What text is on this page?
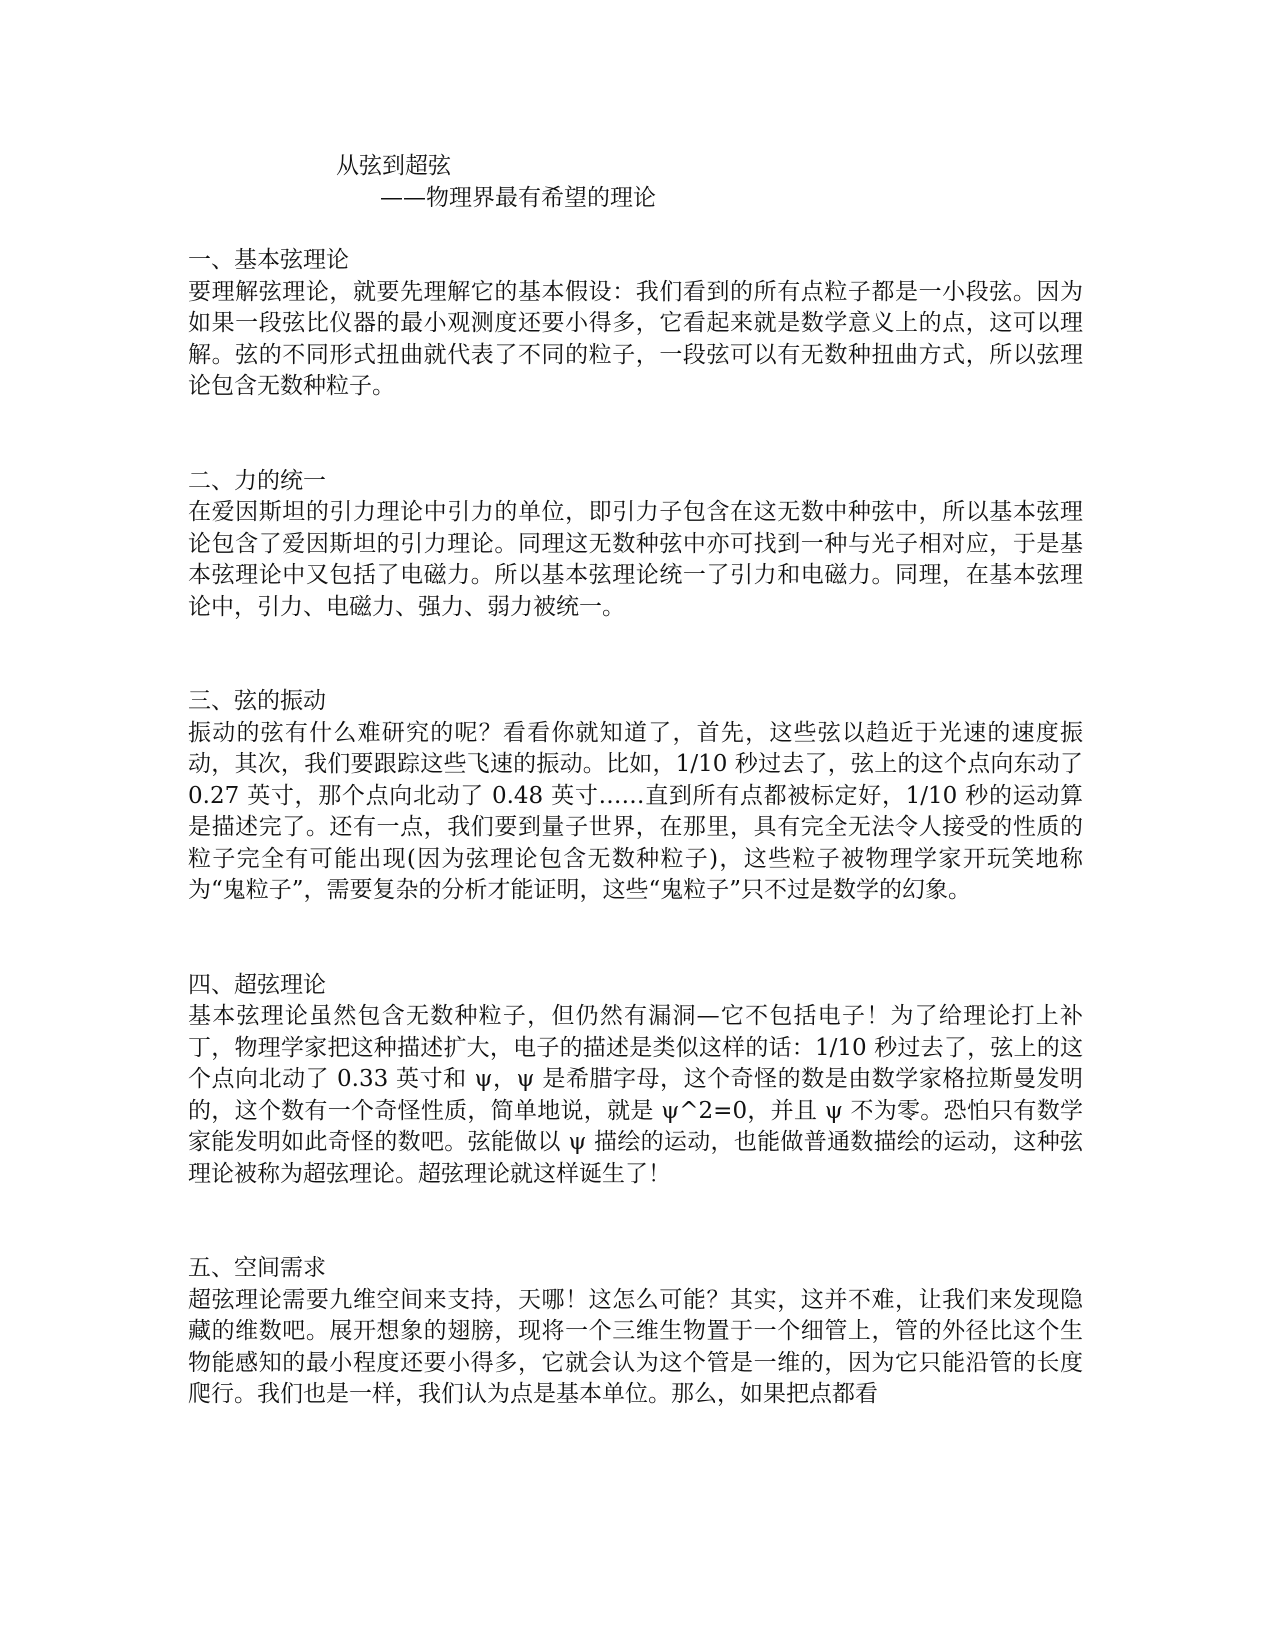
从弦到超弦
——物理界最有希望的理论

一、基本弦理论

要理解弦理论，就要先理解它的基本假设：我们看到的所有点粒子都是一小段弦。因为如果一段弦比仪器的最小观测度还要小得多，它看起来就是数学意义上的点，这可以理解。弦的不同形式扭曲就代表了不同的粒子，一段弦可以有无数种扭曲方式，所以弦理论包含无数种粒子。

二、力的统一

在爱因斯坦的引力理论中引力的单位，即引力子包含在这无数中种弦中，所以基本弦理论包含了爱因斯坦的引力理论。同理这无数种弦中亦可找到一种与光子相对应，于是基本弦理论中又包括了电磁力。所以基本弦理论统一了引力和电磁力。同理，在基本弦理论中，引力、电磁力、强力、弱力被统一。

三、弦的振动

振动的弦有什么难研究的呢？看看你就知道了，首先，这些弦以趋近于光速的速度振动，其次，我们要跟踪这些飞速的振动。比如，1/10 秒过去了，弦上的这个点向东动了 0.27 英寸，那个点向北动了 0.48 英寸……直到所有点都被标定好，1/10 秒的运动算是描述完了。还有一点，我们要到量子世界，在那里，具有完全无法令人接受的性质的粒子完全有可能出现(因为弦理论包含无数种粒子)，这些粒子被物理学家开玩笑地称为“鬼粒子”，需要复杂的分析才能证明，这些“鬼粒子”只不过是数学的幻象。

四、超弦理论

基本弦理论虽然包含无数种粒子，但仍然有漏洞—它不包括电子！为了给理论打上补丁，物理学家把这种描述扩大，电子的描述是类似这样的话：1/10 秒过去了，弦上的这个点向北动了 0.33 英寸和 ψ，ψ 是希腊字母，这个奇怪的数是由数学家格拉斯曼发明的，这个数有一个奇怪性质，简单地说，就是 ψ^2=0，并且 ψ 不为零。恐怕只有数学家能发明如此奇怪的数吧。弦能做以 ψ 描绘的运动，也能做普通数描绘的运动，这种弦理论被称为超弦理论。超弦理论就这样诞生了！

五、空间需求

超弦理论需要九维空间来支持，天哪！这怎么可能？其实，这并不难，让我们来发现隐藏的维数吧。展开想象的翅膀，现将一个三维生物置于一个细管上，管的外径比这个生物能感知的最小程度还要小得多，它就会认为这个管是一维的，因为它只能沿管的长度爬行。我们也是一样，我们认为点是基本单位。那么，如果把点都看
